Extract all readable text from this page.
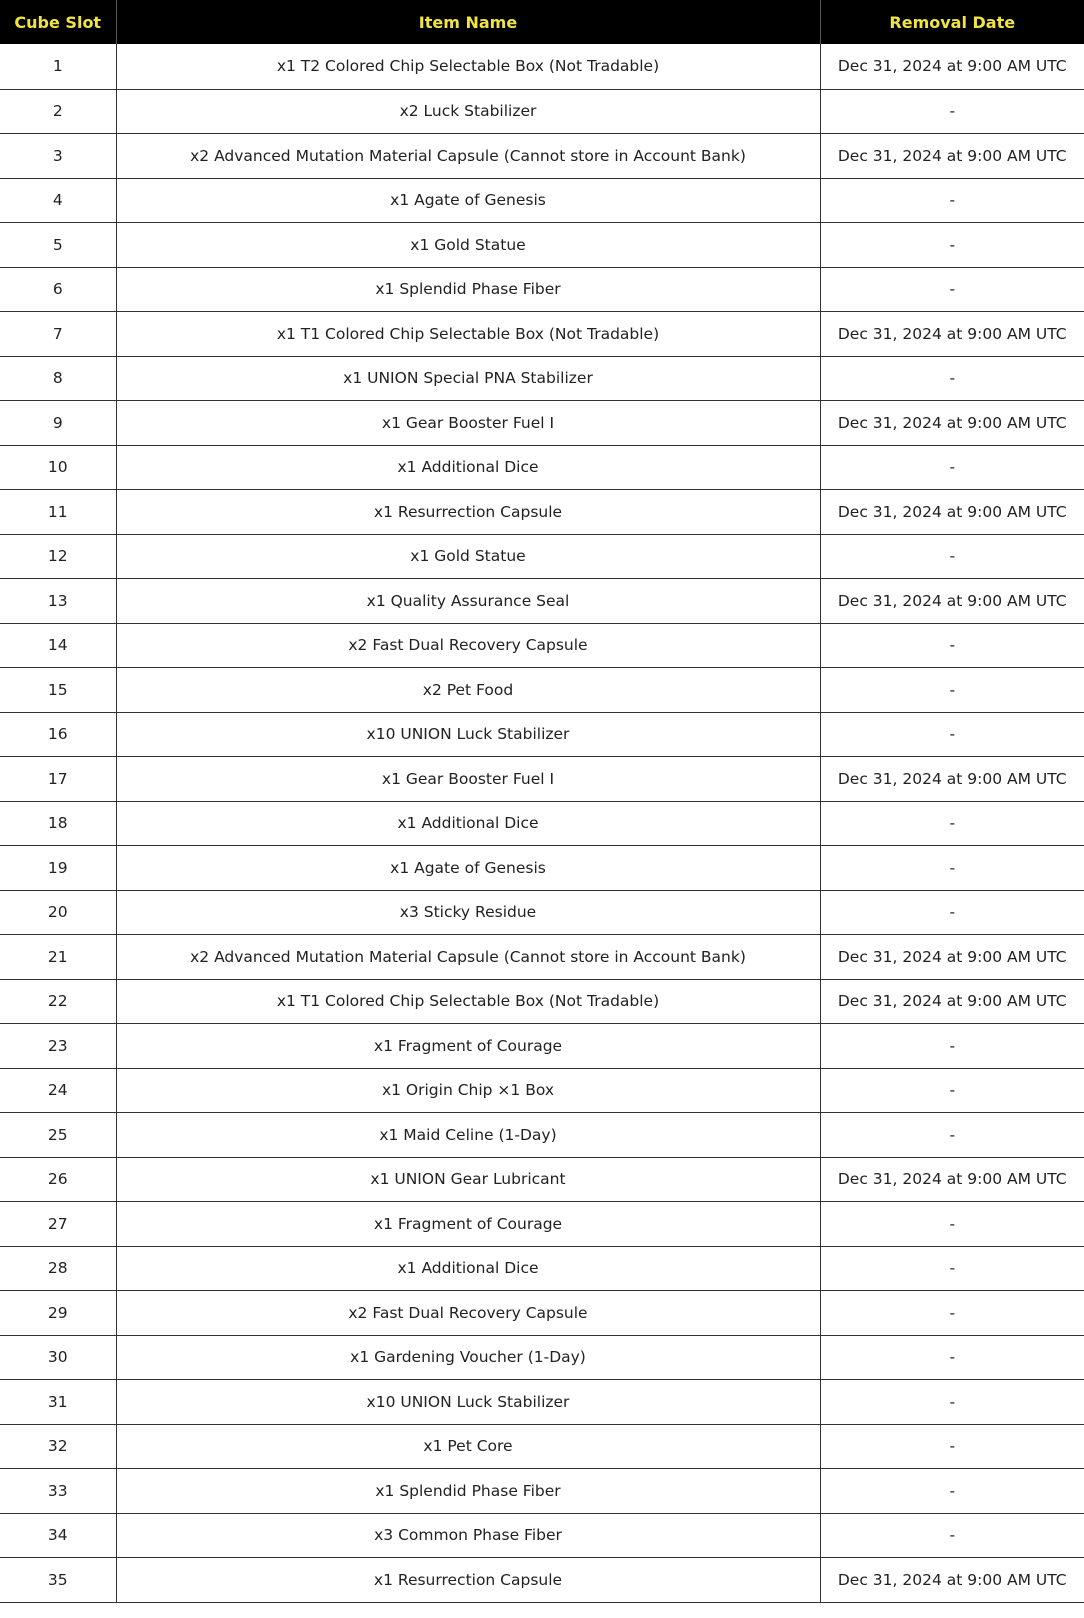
Cube Slot	Item Name	Removal Date
1	x1 T2 Colored Chip Selectable Box (Not Tradable)	Dec 31, 2024 at 9:00 AM UTC
2	x2 Luck Stabilizer	-
3	x2 Advanced Mutation Material Capsule (Cannot store in Account Bank)	Dec 31, 2024 at 9:00 AM UTC
4	x1 Agate of Genesis	-
5	x1 Gold Statue	-
6	x1 Splendid Phase Fiber	-
7	x1 T1 Colored Chip Selectable Box (Not Tradable)	Dec 31, 2024 at 9:00 AM UTC
8	x1 UNION Special PNA Stabilizer	-
9	x1 Gear Booster Fuel I	Dec 31, 2024 at 9:00 AM UTC
10	x1 Additional Dice	-
11	x1 Resurrection Capsule	Dec 31, 2024 at 9:00 AM UTC
12	x1 Gold Statue	-
13	x1 Quality Assurance Seal	Dec 31, 2024 at 9:00 AM UTC
14	x2 Fast Dual Recovery Capsule	-
15	x2 Pet Food	-
16	x10 UNION Luck Stabilizer	-
17	x1 Gear Booster Fuel I	Dec 31, 2024 at 9:00 AM UTC
18	x1 Additional Dice	-
19	x1 Agate of Genesis	-
20	x3 Sticky Residue	-
21	x2 Advanced Mutation Material Capsule (Cannot store in Account Bank)	Dec 31, 2024 at 9:00 AM UTC
22	x1 T1 Colored Chip Selectable Box (Not Tradable)	Dec 31, 2024 at 9:00 AM UTC
23	x1 Fragment of Courage	-
24	x1 Origin Chip ×1 Box	-
25	x1 Maid Celine (1-Day)	-
26	x1 UNION Gear Lubricant	Dec 31, 2024 at 9:00 AM UTC
27	x1 Fragment of Courage	-
28	x1 Additional Dice	-
29	x2 Fast Dual Recovery Capsule	-
30	x1 Gardening Voucher (1-Day)	-
31	x10 UNION Luck Stabilizer	-
32	x1 Pet Core	-
33	x1 Splendid Phase Fiber	-
34	x3 Common Phase Fiber	-
35	x1 Resurrection Capsule	Dec 31, 2024 at 9:00 AM UTC
